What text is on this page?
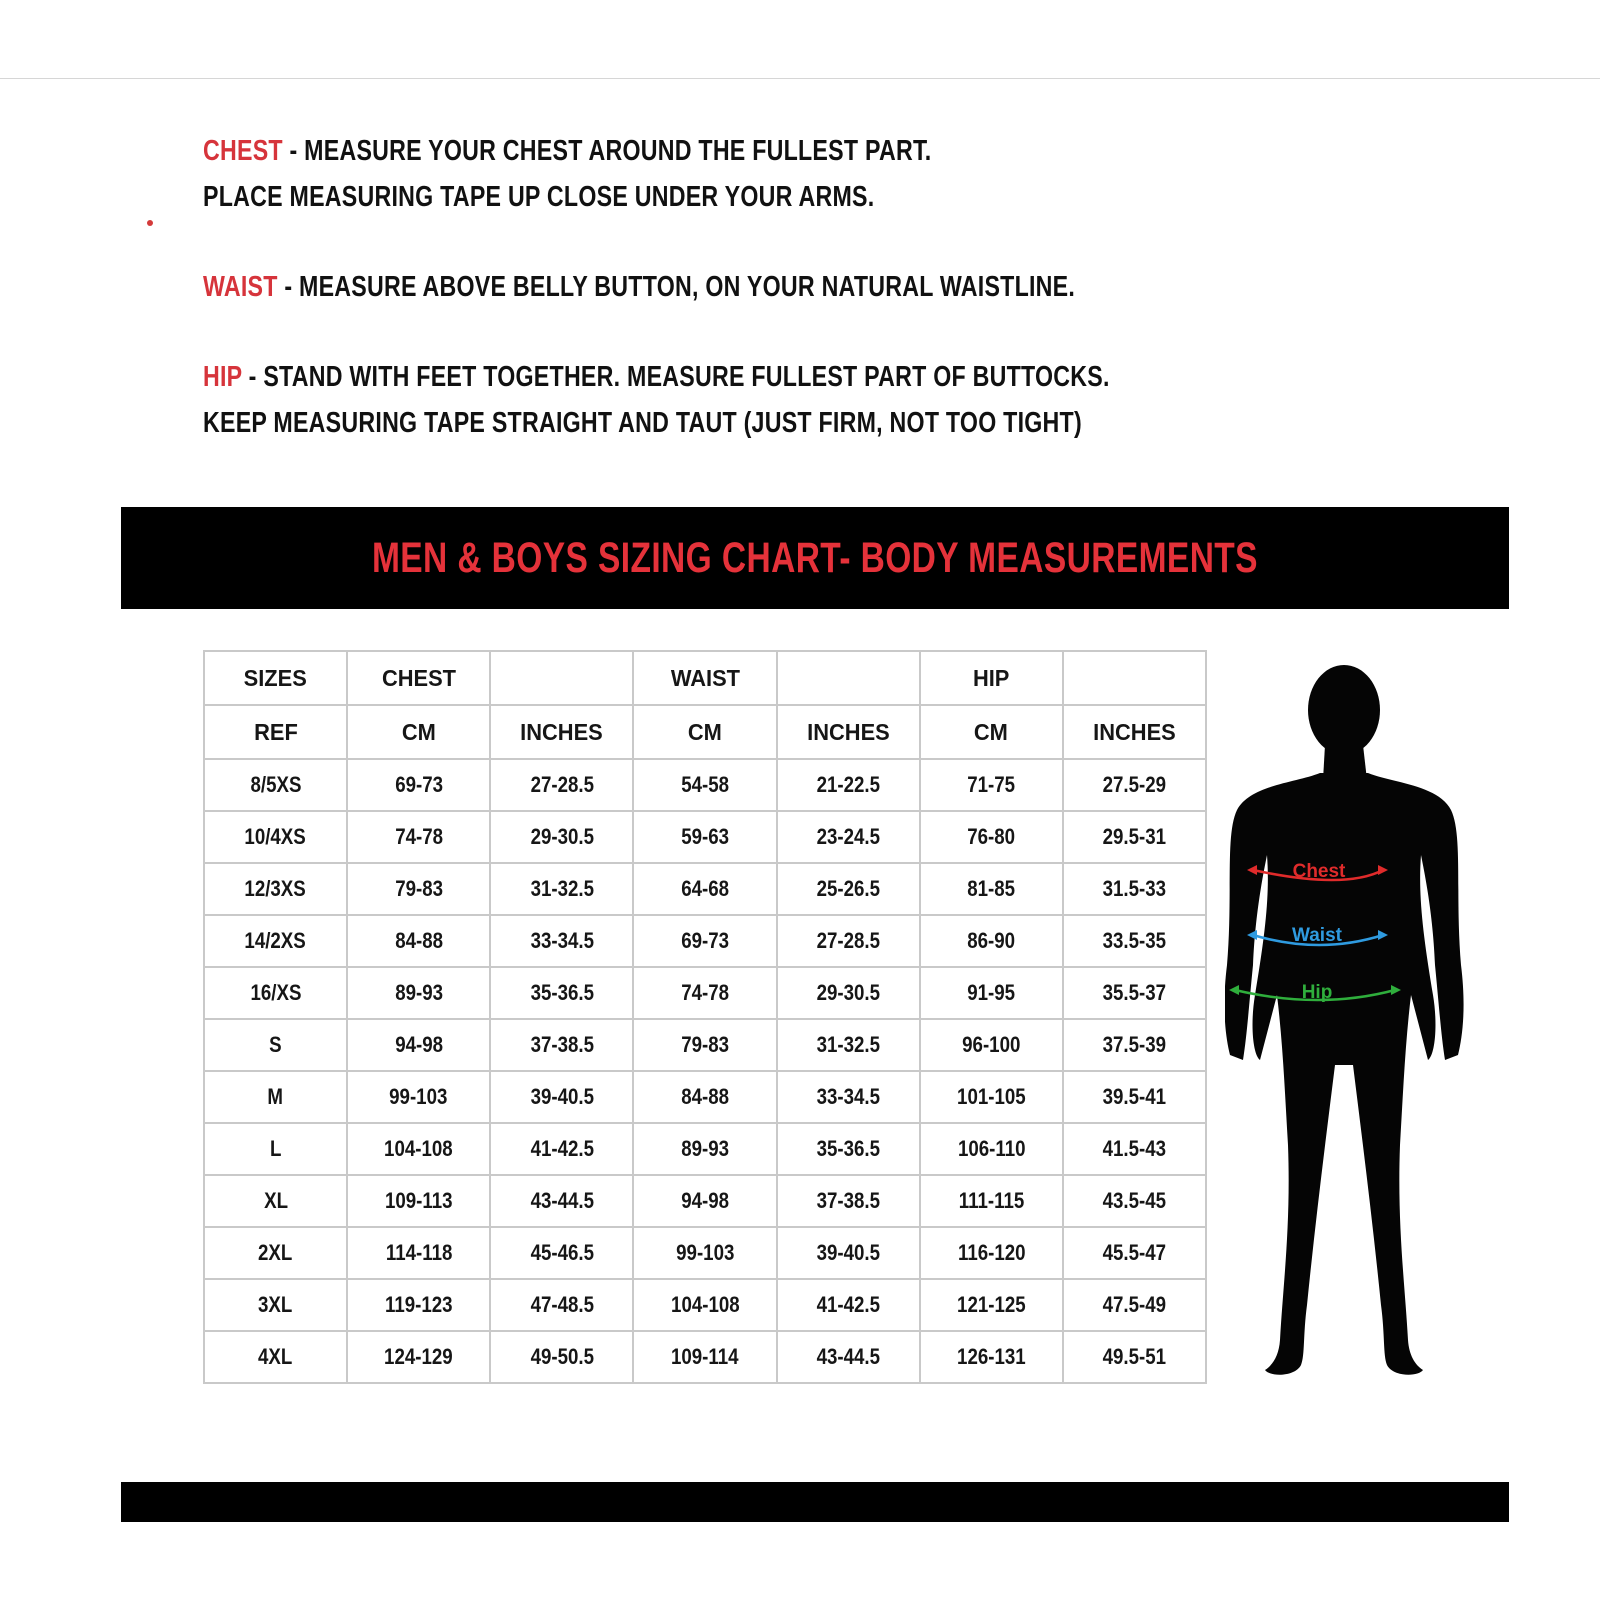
CHEST - MEASURE YOUR CHEST AROUND THE FULLEST PART.
PLACE MEASURING TAPE UP CLOSE UNDER YOUR ARMS.
WAIST - MEASURE ABOVE BELLY BUTTON, ON YOUR NATURAL WAISTLINE.
HIP - STAND WITH FEET TOGETHER. MEASURE FULLEST PART OF BUTTOCKS.
KEEP MEASURING TAPE STRAIGHT AND TAUT (JUST FIRM, NOT TOO TIGHT)
MEN & BOYS SIZING CHART- BODY MEASUREMENTS
SIZES	CHEST		WAIST		HIP	
REF	CM	INCHES	CM	INCHES	CM	INCHES
8/5XS	69-73	27-28.5	54-58	21-22.5	71-75	27.5-29
10/4XS	74-78	29-30.5	59-63	23-24.5	76-80	29.5-31
12/3XS	79-83	31-32.5	64-68	25-26.5	81-85	31.5-33
14/2XS	84-88	33-34.5	69-73	27-28.5	86-90	33.5-35
16/XS	89-93	35-36.5	74-78	29-30.5	91-95	35.5-37
S	94-98	37-38.5	79-83	31-32.5	96-100	37.5-39
M	99-103	39-40.5	84-88	33-34.5	101-105	39.5-41
L	104-108	41-42.5	89-93	35-36.5	106-110	41.5-43
XL	109-113	43-44.5	94-98	37-38.5	111-115	43.5-45
2XL	114-118	45-46.5	99-103	39-40.5	116-120	45.5-47
3XL	119-123	47-48.5	104-108	41-42.5	121-125	47.5-49
4XL	124-129	49-50.5	109-114	43-44.5	126-131	49.5-51
Chest
Waist
Hip
